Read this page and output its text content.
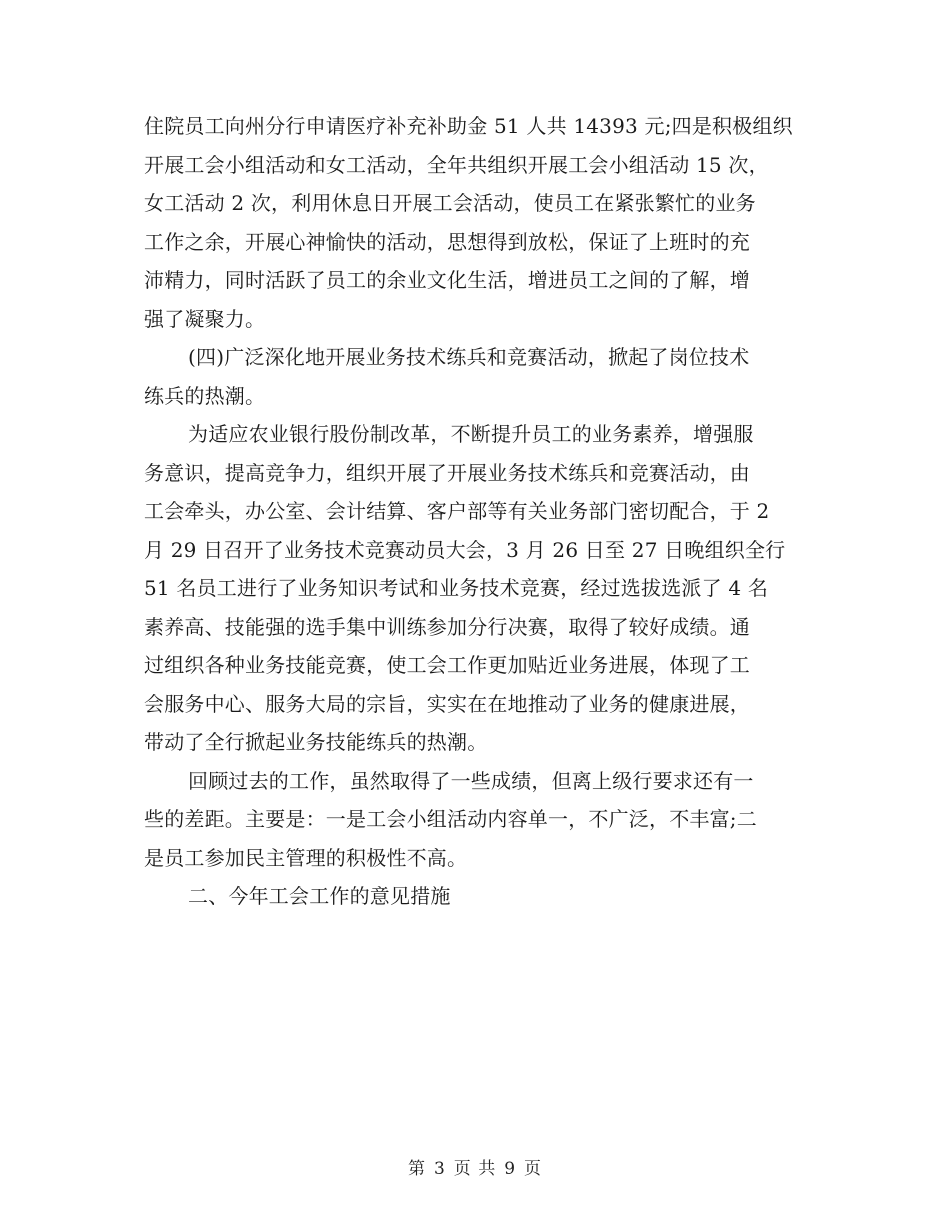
住院员工向州分行申请医疗补充补助金 51 人共 14393 元;四是积极组织
开展工会小组活动和女工活动，全年共组织开展工会小组活动 15 次，
女工活动 2 次，利用休息日开展工会活动，使员工在紧张繁忙的业务
工作之余，开展心神愉快的活动，思想得到放松，保证了上班时的充
沛精力，同时活跃了员工的余业文化生活，增进员工之间的了解，增
强了凝聚力。

(四)广泛深化地开展业务技术练兵和竞赛活动，掀起了岗位技术
练兵的热潮。

为适应农业银行股份制改革，不断提升员工的业务素养，增强服
务意识，提高竞争力，组织开展了开展业务技术练兵和竞赛活动，由
工会牵头，办公室、会计结算、客户部等有关业务部门密切配合，于 2
月 29 日召开了业务技术竞赛动员大会，3 月 26 日至 27 日晚组织全行
51 名员工进行了业务知识考试和业务技术竞赛，经过选拔选派了 4 名
素养高、技能强的选手集中训练参加分行决赛，取得了较好成绩。通
过组织各种业务技能竞赛，使工会工作更加贴近业务进展，体现了工
会服务中心、服务大局的宗旨，实实在在地推动了业务的健康进展，
带动了全行掀起业务技能练兵的热潮。

回顾过去的工作，虽然取得了一些成绩，但离上级行要求还有一
些的差距。主要是：一是工会小组活动内容单一，不广泛，不丰富;二
是员工参加民主管理的积极性不高。

二、今年工会工作的意见措施

第 3 页 共 9 页
